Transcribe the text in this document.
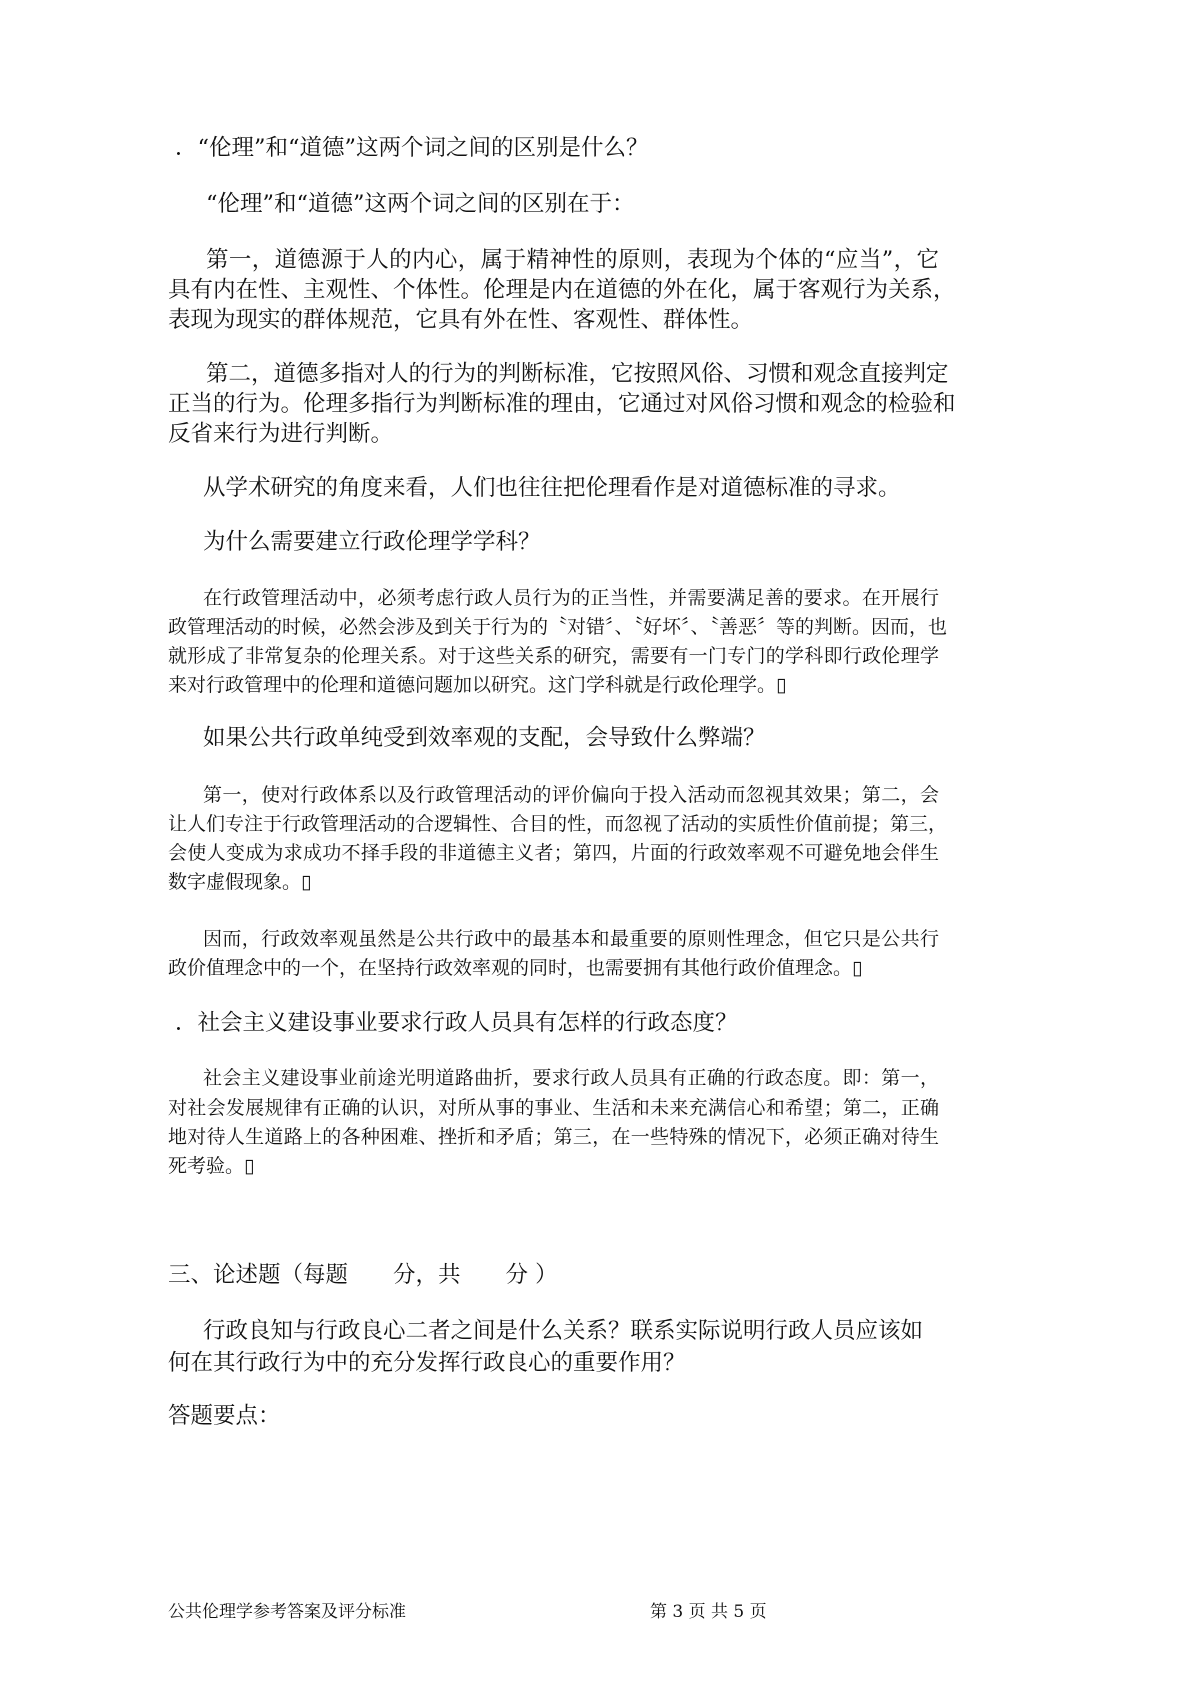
．“伦理”和“道德”这两个词之间的区别是什么？
“伦理”和“道德”这两个词之间的区别在于：
第一，道德源于人的内心，属于精神性的原则，表现为个体的“应当”，它
具有内在性、主观性、个体性。伦理是内在道德的外在化，属于客观行为关系，
表现为现实的群体规范，它具有外在性、客观性、群体性。
第二，道德多指对人的行为的判断标准，它按照风俗、习惯和观念直接判定
正当的行为。伦理多指行为判断标准的理由，它通过对风俗习惯和观念的检验和
反省来行为进行判断。
从学术研究的角度来看，人们也往往把伦理看作是对道德标准的寻求。
为什么需要建立行政伦理学学科？
在行政管理活动中，必须考虑行政人员行为的正当性，并需要满足善的要求。在开展行
政管理活动的时候，必然会涉及到关于行为的〝对错〞、〝好坏〞、〝善恶〞等的判断。因而，也
就形成了非常复杂的伦理关系。对于这些关系的研究，需要有一门专门的学科即行政伦理学
来对行政管理中的伦理和道德问题加以研究。这门学科就是行政伦理学。▯
如果公共行政单纯受到效率观的支配，会导致什么弊端？
第一，使对行政体系以及行政管理活动的评价偏向于投入活动而忽视其效果；第二，会
让人们专注于行政管理活动的合逻辑性、合目的性，而忽视了活动的实质性价值前提；第三，
会使人变成为求成功不择手段的非道德主义者；第四，片面的行政效率观不可避免地会伴生
数字虚假现象。▯
因而，行政效率观虽然是公共行政中的最基本和最重要的原则性理念，但它只是公共行
政价值理念中的一个，在坚持行政效率观的同时，也需要拥有其他行政价值理念。▯
．社会主义建设事业要求行政人员具有怎样的行政态度？
社会主义建设事业前途光明道路曲折，要求行政人员具有正确的行政态度。即：第一，
对社会发展规律有正确的认识，对所从事的事业、生活和未来充满信心和希望；第二，正确
地对待人生道路上的各种困难、挫折和矛盾；第三，在一些特殊的情况下，必须正确对待生
死考验。▯
三、论述题（每题　　分，共　　分 ）
行政良知与行政良心二者之间是什么关系？联系实际说明行政人员应该如
何在其行政行为中的充分发挥行政良心的重要作用？
答题要点：
公共伦理学参考答案及评分标准	第 3 页 共 5 页
